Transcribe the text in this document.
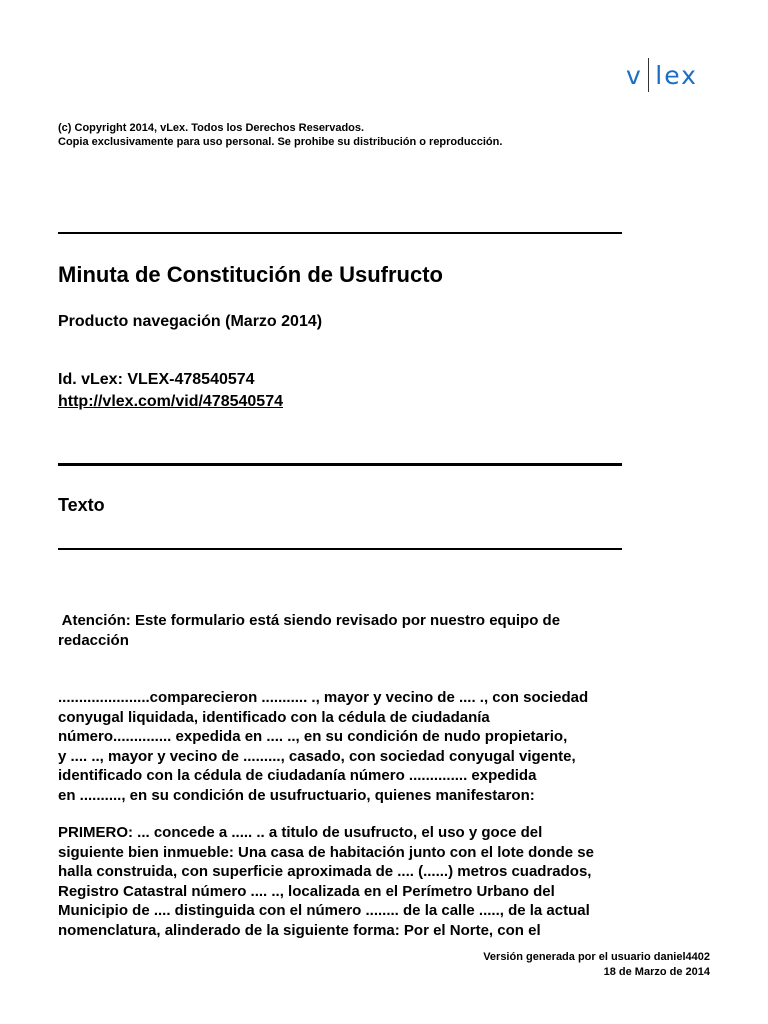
v lex
(c) Copyright 2014, vLex. Todos los Derechos Reservados.
Copia exclusivamente para uso personal. Se prohibe su distribución o reproducción.
Minuta de Constitución de Usufructo
Producto navegación (Marzo 2014)
Id. vLex: VLEX-478540574
http://vlex.com/vid/478540574
Texto
Atención: Este formulario está siendo revisado por nuestro equipo de
redacción
......................comparecieron ........... ., mayor y vecino de .... ., con sociedad
conyugal liquidada, identificado con la cédula de ciudadanía
número.............. expedida en .... .., en su condición de nudo propietario,
y .... .., mayor y vecino de ........., casado, con sociedad conyugal vigente,
identificado con la cédula de ciudadanía número .............. expedida
en .........., en su condición de usufructuario, quienes manifestaron:
PRIMERO: ... concede a ..... .. a titulo de usufructo, el uso y goce del
siguiente bien inmueble: Una casa de habitación junto con el lote donde se
halla construida, con superficie aproximada de .... (......) metros cuadrados,
Registro Catastral número .... .., localizada en el Perímetro Urbano del
Municipio de .... distinguida con el número ........ de la calle ....., de la actual
nomenclatura, alinderado de la siguiente forma: Por el Norte, con el
Versión generada por el usuario daniel4402
18 de Marzo de 2014
